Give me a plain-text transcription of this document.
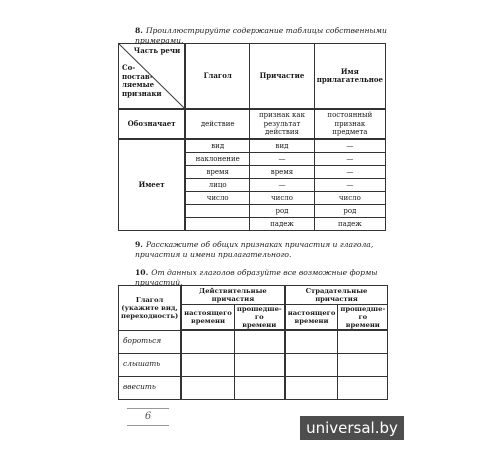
8. Проиллюстрируйте содержание таблицы собственными примерами.
Часть речи
Со-
постав-
ляемые
признаки	Глагол	Причастие	Имя прилагательное
Обозначает	действие	признак как результат действия	постоянный признак предмета
Имеет	вид	вид	—
	наклонение	—	—
	время	время	—
	лицо	—	—
	число	число	число
		род	род
		падеж	падеж
9. Расскажите об общих признаках причастия и глагола, причастия и имени прилагательного.
10. От данных глаголов образуйте все возможные формы причастий.
Глагол (укажите вид, переходность)	Действительные причастия		Страдательные причастия	
	настоящего времени	прошедше-го времени	настоящего времени	прошедше-го времени
бороться				
слышать				
ввесить				
6
universal.by
